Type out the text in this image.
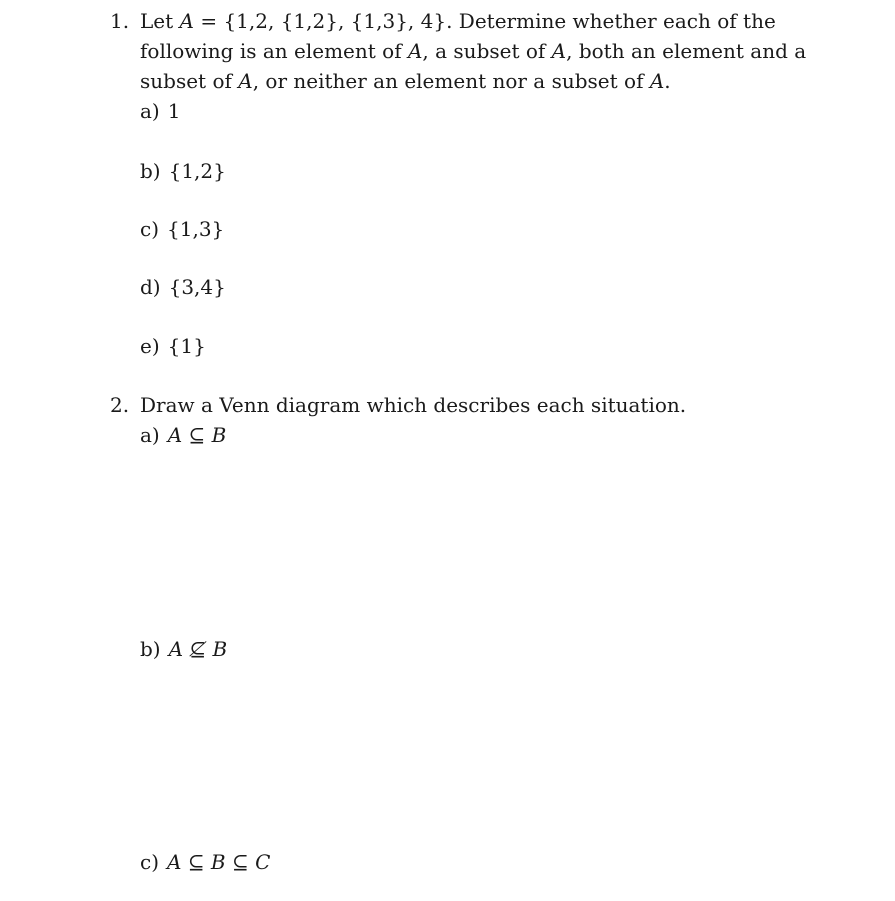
1. Let A = {1,2, {1,2}, {1,3}, 4}. Determine whether each of the following is an element of A, a subset of A, both an element and a subset of A, or neither an element nor a subset of A.
a) 1
b) {1,2}
c) {1,3}
d) {3,4}
e) {1}
2. Draw a Venn diagram which describes each situation.
a) A ⊆ B
b) A ⊈ B
c) A ⊆ B ⊆ C
